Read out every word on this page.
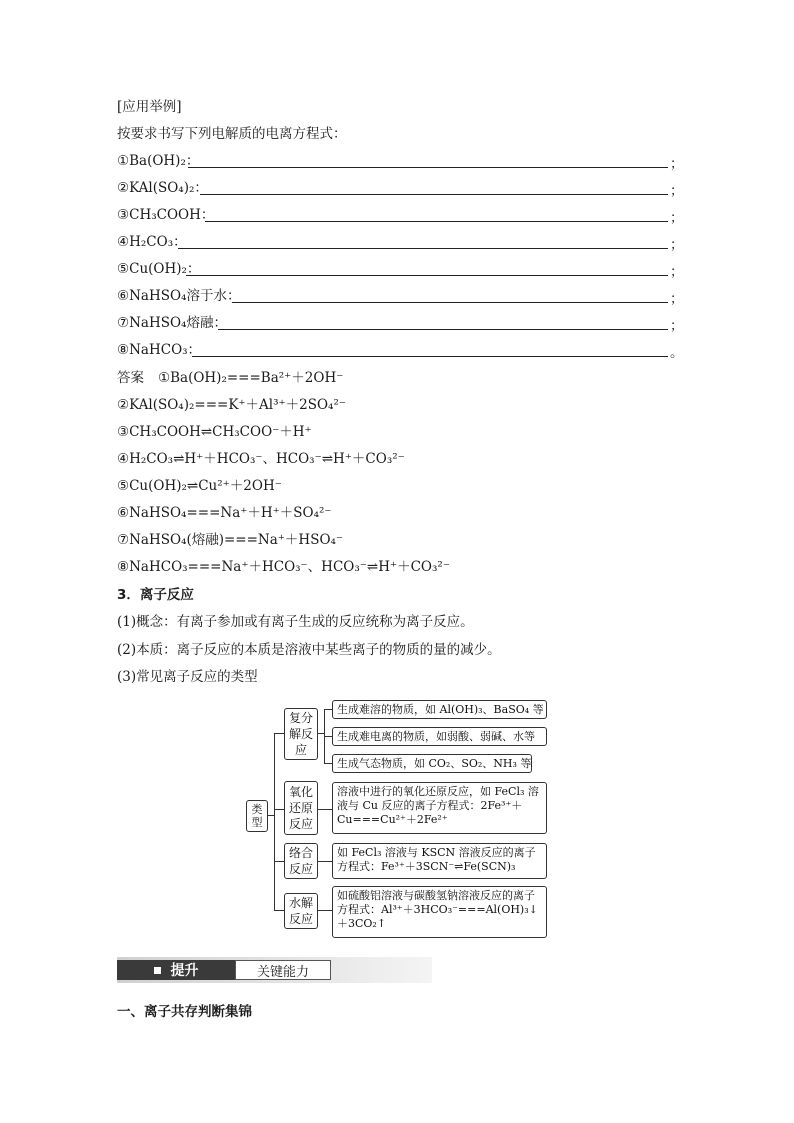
[应用举例]
按要求书写下列电解质的电离方程式：
①Ba(OH)₂：	；
②KAl(SO₄)₂：	；
③CH₃COOH：	；
④H₂CO₃：	；
⑤Cu(OH)₂：	；
⑥NaHSO₄溶于水：	；
⑦NaHSO₄熔融：	；
⑧NaHCO₃：	。
答案 ①Ba(OH)₂===Ba²⁺＋2OH⁻
②KAl(SO₄)₂===K⁺＋Al³⁺＋2SO₄²⁻
③CH₃COOH⇌CH₃COO⁻＋H⁺
④H₂CO₃⇌H⁺＋HCO₃⁻、HCO₃⁻⇌H⁺＋CO₃²⁻
⑤Cu(OH)₂⇌Cu²⁺＋2OH⁻
⑥NaHSO₄===Na⁺＋H⁺＋SO₄²⁻
⑦NaHSO₄(熔融)===Na⁺＋HSO₄⁻
⑧NaHCO₃===Na⁺＋HCO₃⁻、HCO₃⁻⇌H⁺＋CO₃²⁻
3．离子反应
(1)概念：有离子参加或有离子生成的反应统称为离子反应。
(2)本质：离子反应的本质是溶液中某些离子的物质的量的减少。
(3)常见离子反应的类型
类型
复分解反应
氧化还原反应
络合反应
水解反应
生成难溶的物质，如 Al(OH)₃、BaSO₄ 等
生成难电离的物质，如弱酸、弱碱、水等
生成气态物质，如 CO₂、SO₂、NH₃ 等
溶液中进行的氧化还原反应，如 FeCl₃ 溶液与 Cu 反应的离子方程式：2Fe³⁺＋Cu===Cu²⁺＋2Fe²⁺
如 FeCl₃ 溶液与 KSCN 溶液反应的离子方程式：Fe³⁺＋3SCN⁻⇌Fe(SCN)₃
如硫酸铝溶液与碳酸氢钠溶液反应的离子方程式：Al³⁺＋3HCO₃⁻===Al(OH)₃↓＋3CO₂↑
提升	关键能力
一、离子共存判断集锦
